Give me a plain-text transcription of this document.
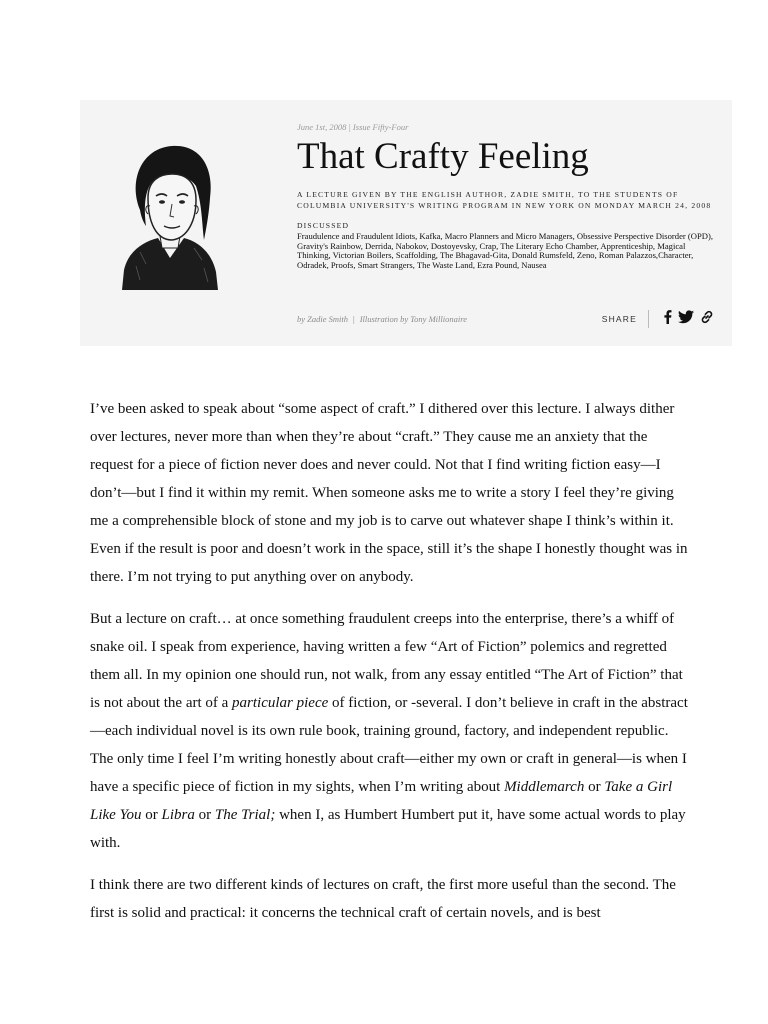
June 1st, 2008 | Issue Fifty-Four

That Crafty Feeling

A LECTURE GIVEN BY THE ENGLISH AUTHOR, ZADIE SMITH, TO THE STUDENTS OF COLUMBIA UNIVERSITY'S WRITING PROGRAM IN NEW YORK ON MONDAY MARCH 24, 2008

DISCUSSED

Fraudulence and Fraudulent Idiots, Kafka, Macro Planners and Micro Managers, Obsessive Perspective Disorder (OPD), Gravity's Rainbow, Derrida, Nabokov, Dostoyevsky, Crap, The Literary Echo Chamber, Apprenticeship, Magical Thinking, Victorian Boilers, Scaffolding, The Bhagavad-Gita, Donald Rumsfeld, Zeno, Roman Palazzos,Character, Odradek, Proofs, Smart Strangers, The Waste Land, Ezra Pound, Nausea

by Zadie Smith | Illustration by Tony Millionaire	SHARE

I’ve been asked to speak about “some aspect of craft.” I dithered over this lecture. I always dither over lectures, never more than when they’re about “craft.” They cause me an anxiety that the request for a piece of fiction never does and never could. Not that I find writing fiction easy—I don’t—but I find it within my remit. When someone asks me to write a story I feel they’re giving me a comprehensible block of stone and my job is to carve out whatever shape I think’s within it. Even if the result is poor and doesn’t work in the space, still it’s the shape I honestly thought was in there. I’m not trying to put anything over on anybody.

But a lecture on craft… at once something fraudulent creeps into the enterprise, there’s a whiff of snake oil. I speak from experience, having written a few “Art of Fiction” polemics and regretted them all. In my opinion one should run, not walk, from any essay entitled “The Art of Fiction” that is not about the art of a particular piece of fiction, or -several. I don’t believe in craft in the abstract—each individual novel is its own rule book, training ground, factory, and independent republic. The only time I feel I’m writing honestly about craft—either my own or craft in general—is when I have a specific piece of fiction in my sights, when I’m writing about Middlemarch or Take a Girl Like You or Libra or The Trial; when I, as Humbert Humbert put it, have some actual words to play with.

I think there are two different kinds of lectures on craft, the first more useful than the second. The first is solid and practical: it concerns the technical craft of certain novels, and is best
